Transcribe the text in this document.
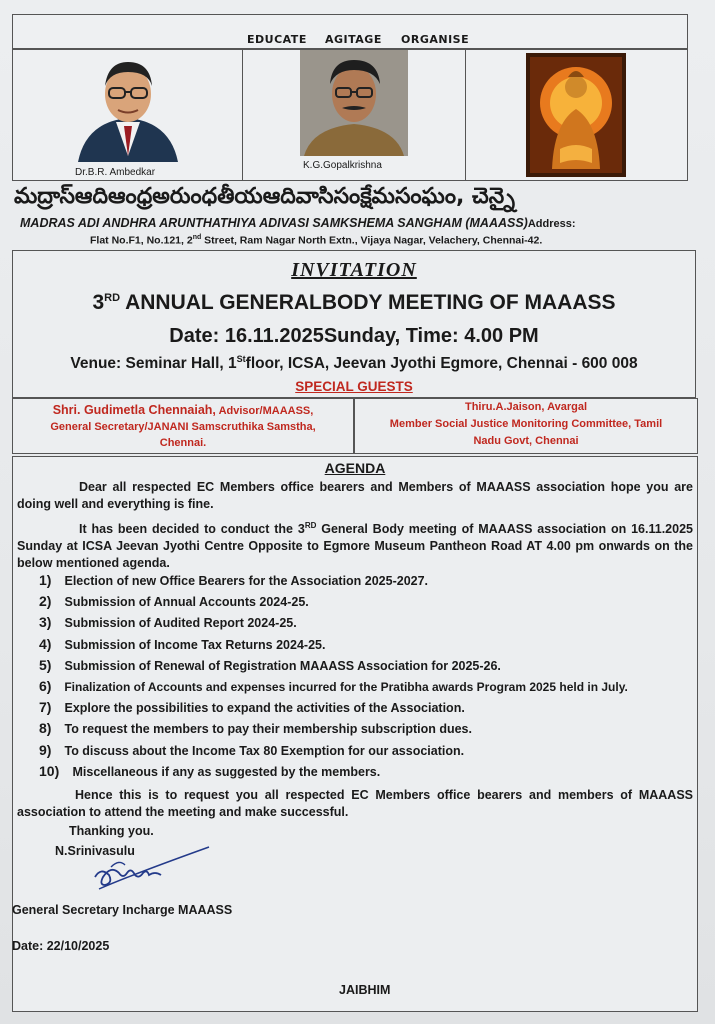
EDUCATE AGITAGE ORGANISE
Dr.B.R. Ambedkar
K.G.Gopalkrishna
మద్రాస్ఆదిఆంధ్రఅరుంధతీయఆదివాసిసంక్షేమసంఘం, చెన్నై
MADRAS ADI ANDHRA ARUNTHATHIYA ADIVASI SAMKSHEMA SANGHAM (MAAASS)Address:
Flat No.F1, No.121, 2nd Street, Ram Nagar North Extn., Vijaya Nagar, Velachery, Chennai-42.
INVITATION
3RD ANNUAL GENERALBODY MEETING OF MAAASS
Date: 16.11.2025Sunday, Time: 4.00 PM
Venue: Seminar Hall, 1Stfloor, ICSA, Jeevan Jyothi Egmore, Chennai - 600 008
SPECIAL GUESTS
Shri. Gudimetla Chennaiah, Advisor/MAAASS,
General Secretary/JANANI Samscruthika Samstha,
Chennai.
Thiru.A.Jaison, Avargal
Member Social Justice Monitoring Committee, Tamil
Nadu Govt, Chennai
AGENDA
Dear all respected EC Members office bearers and Members of MAAASS association hope you are doing well and everything is fine.
It has been decided to conduct the 3RD General Body meeting of MAAASS association on 16.11.2025 Sunday at ICSA Jeevan Jyothi Centre Opposite to Egmore Museum Pantheon Road AT 4.00 pm onwards on the below mentioned agenda.
1) Election of new Office Bearers for the Association 2025-2027.
2) Submission of Annual Accounts 2024-25.
3) Submission of Audited Report 2024-25.
4) Submission of Income Tax Returns 2024-25.
5) Submission of Renewal of Registration MAAASS Association for 2025-26.
6) Finalization of Accounts and expenses incurred for the Pratibha awards Program 2025 held in July.
7) Explore the possibilities to expand the activities of the Association.
8) To request the members to pay their membership subscription dues.
9) To discuss about the Income Tax 80 Exemption for our association.
10) Miscellaneous if any as suggested by the members.
Hence this is to request you all respected EC Members office bearers and members of MAAASS association to attend the meeting and make successful.
Thanking you.
N.Srinivasulu
General Secretary Incharge MAAASS
Date: 22/10/2025
JAIBHIM
